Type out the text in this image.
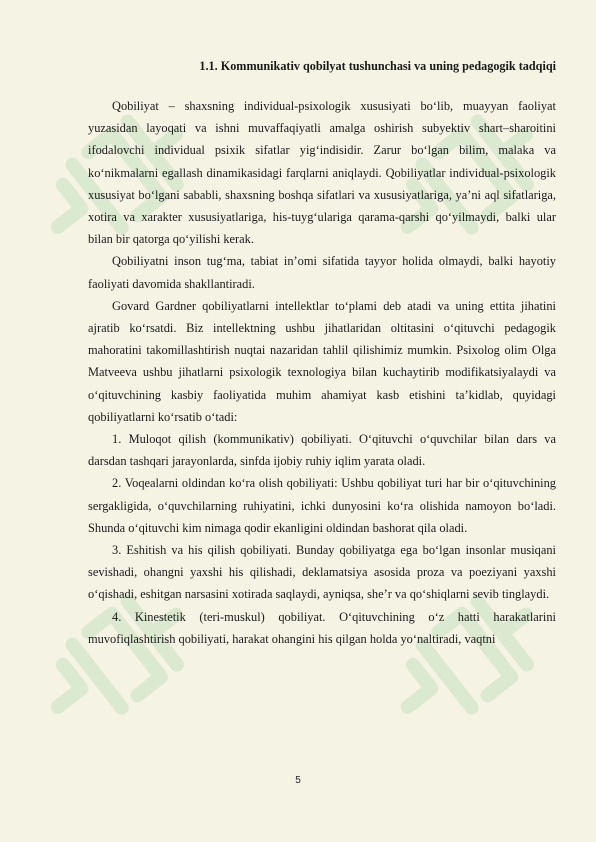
1.1. Kommunikativ qobilyat tushunchasi va uning pedagogik tadqiqi

Qobiliyat – shaxsning individual-psixologik xususiyati bo‘lib, muayyan faoliyat yuzasidan layoqati va ishni muvaffaqiyatli amalga oshirish subyektiv shart–sharoitini ifodalovchi individual psixik sifatlar yig‘indisidir. Zarur bo‘lgan bilim, malaka va ko‘nikmalarni egallash dinamikasidagi farqlarni aniqlaydi. Qobiliyatlar individual-psixologik xususiyat bo‘lgani sababli, shaxsning boshqa sifatlari va xususiyatlariga, ya’ni aql sifatlariga, xotira va xarakter xususiyatlariga, his-tuyg‘ulariga qarama-qarshi qo‘yilmaydi, balki ular bilan bir qatorga qo‘yilishi kerak.

Qobiliyatni inson tug‘ma, tabiat in’omi sifatida tayyor holida olmaydi, balki hayotiy faoliyati davomida shakllantiradi.

Govard Gardner qobiliyatlarni intellektlar to‘plami deb atadi va uning ettita jihatini ajratib ko‘rsatdi. Biz intellektning ushbu jihatlaridan oltitasini o‘qituvchi pedagogik mahoratini takomillashtirish nuqtai nazaridan tahlil qilishimiz mumkin. Psixolog olim Olga Matveeva ushbu jihatlarni psixologik texnologiya bilan kuchaytirib modifikatsiyalaydi va o‘qituvchining kasbiy faoliyatida muhim ahamiyat kasb etishini ta’kidlab, quyidagi qobiliyatlarni ko‘rsatib o‘tadi:

1. Muloqot qilish (kommunikativ) qobiliyati. O‘qituvchi o‘quvchilar bilan dars va darsdan tashqari jarayonlarda, sinfda ijobiy ruhiy iqlim yarata oladi.

2. Voqealarni oldindan ko‘ra olish qobiliyati: Ushbu qobiliyat turi har bir o‘qituvchining sergakligida, o‘quvchilarning ruhiyatini, ichki dunyosini ko‘ra olishida namoyon bo‘ladi. Shunda o‘qituvchi kim nimaga qodir ekanligini oldindan bashorat qila oladi.

3. Eshitish va his qilish qobiliyati. Bunday qobiliyatga ega bo‘lgan insonlar musiqani sevishadi, ohangni yaxshi his qilishadi, deklamatsiya asosida proza va poeziyani yaxshi o‘qishadi, eshitgan narsasini xotirada saqlaydi, ayniqsa, she’r va qo‘shiqlarni sevib tinglaydi.

4. Kinestetik (teri-muskul) qobiliyat. O‘qituvchining o‘z hatti harakatlarini muvofiqlashtirish qobiliyati, harakat ohangini his qilgan holda yo‘naltiradi, vaqtni

5
